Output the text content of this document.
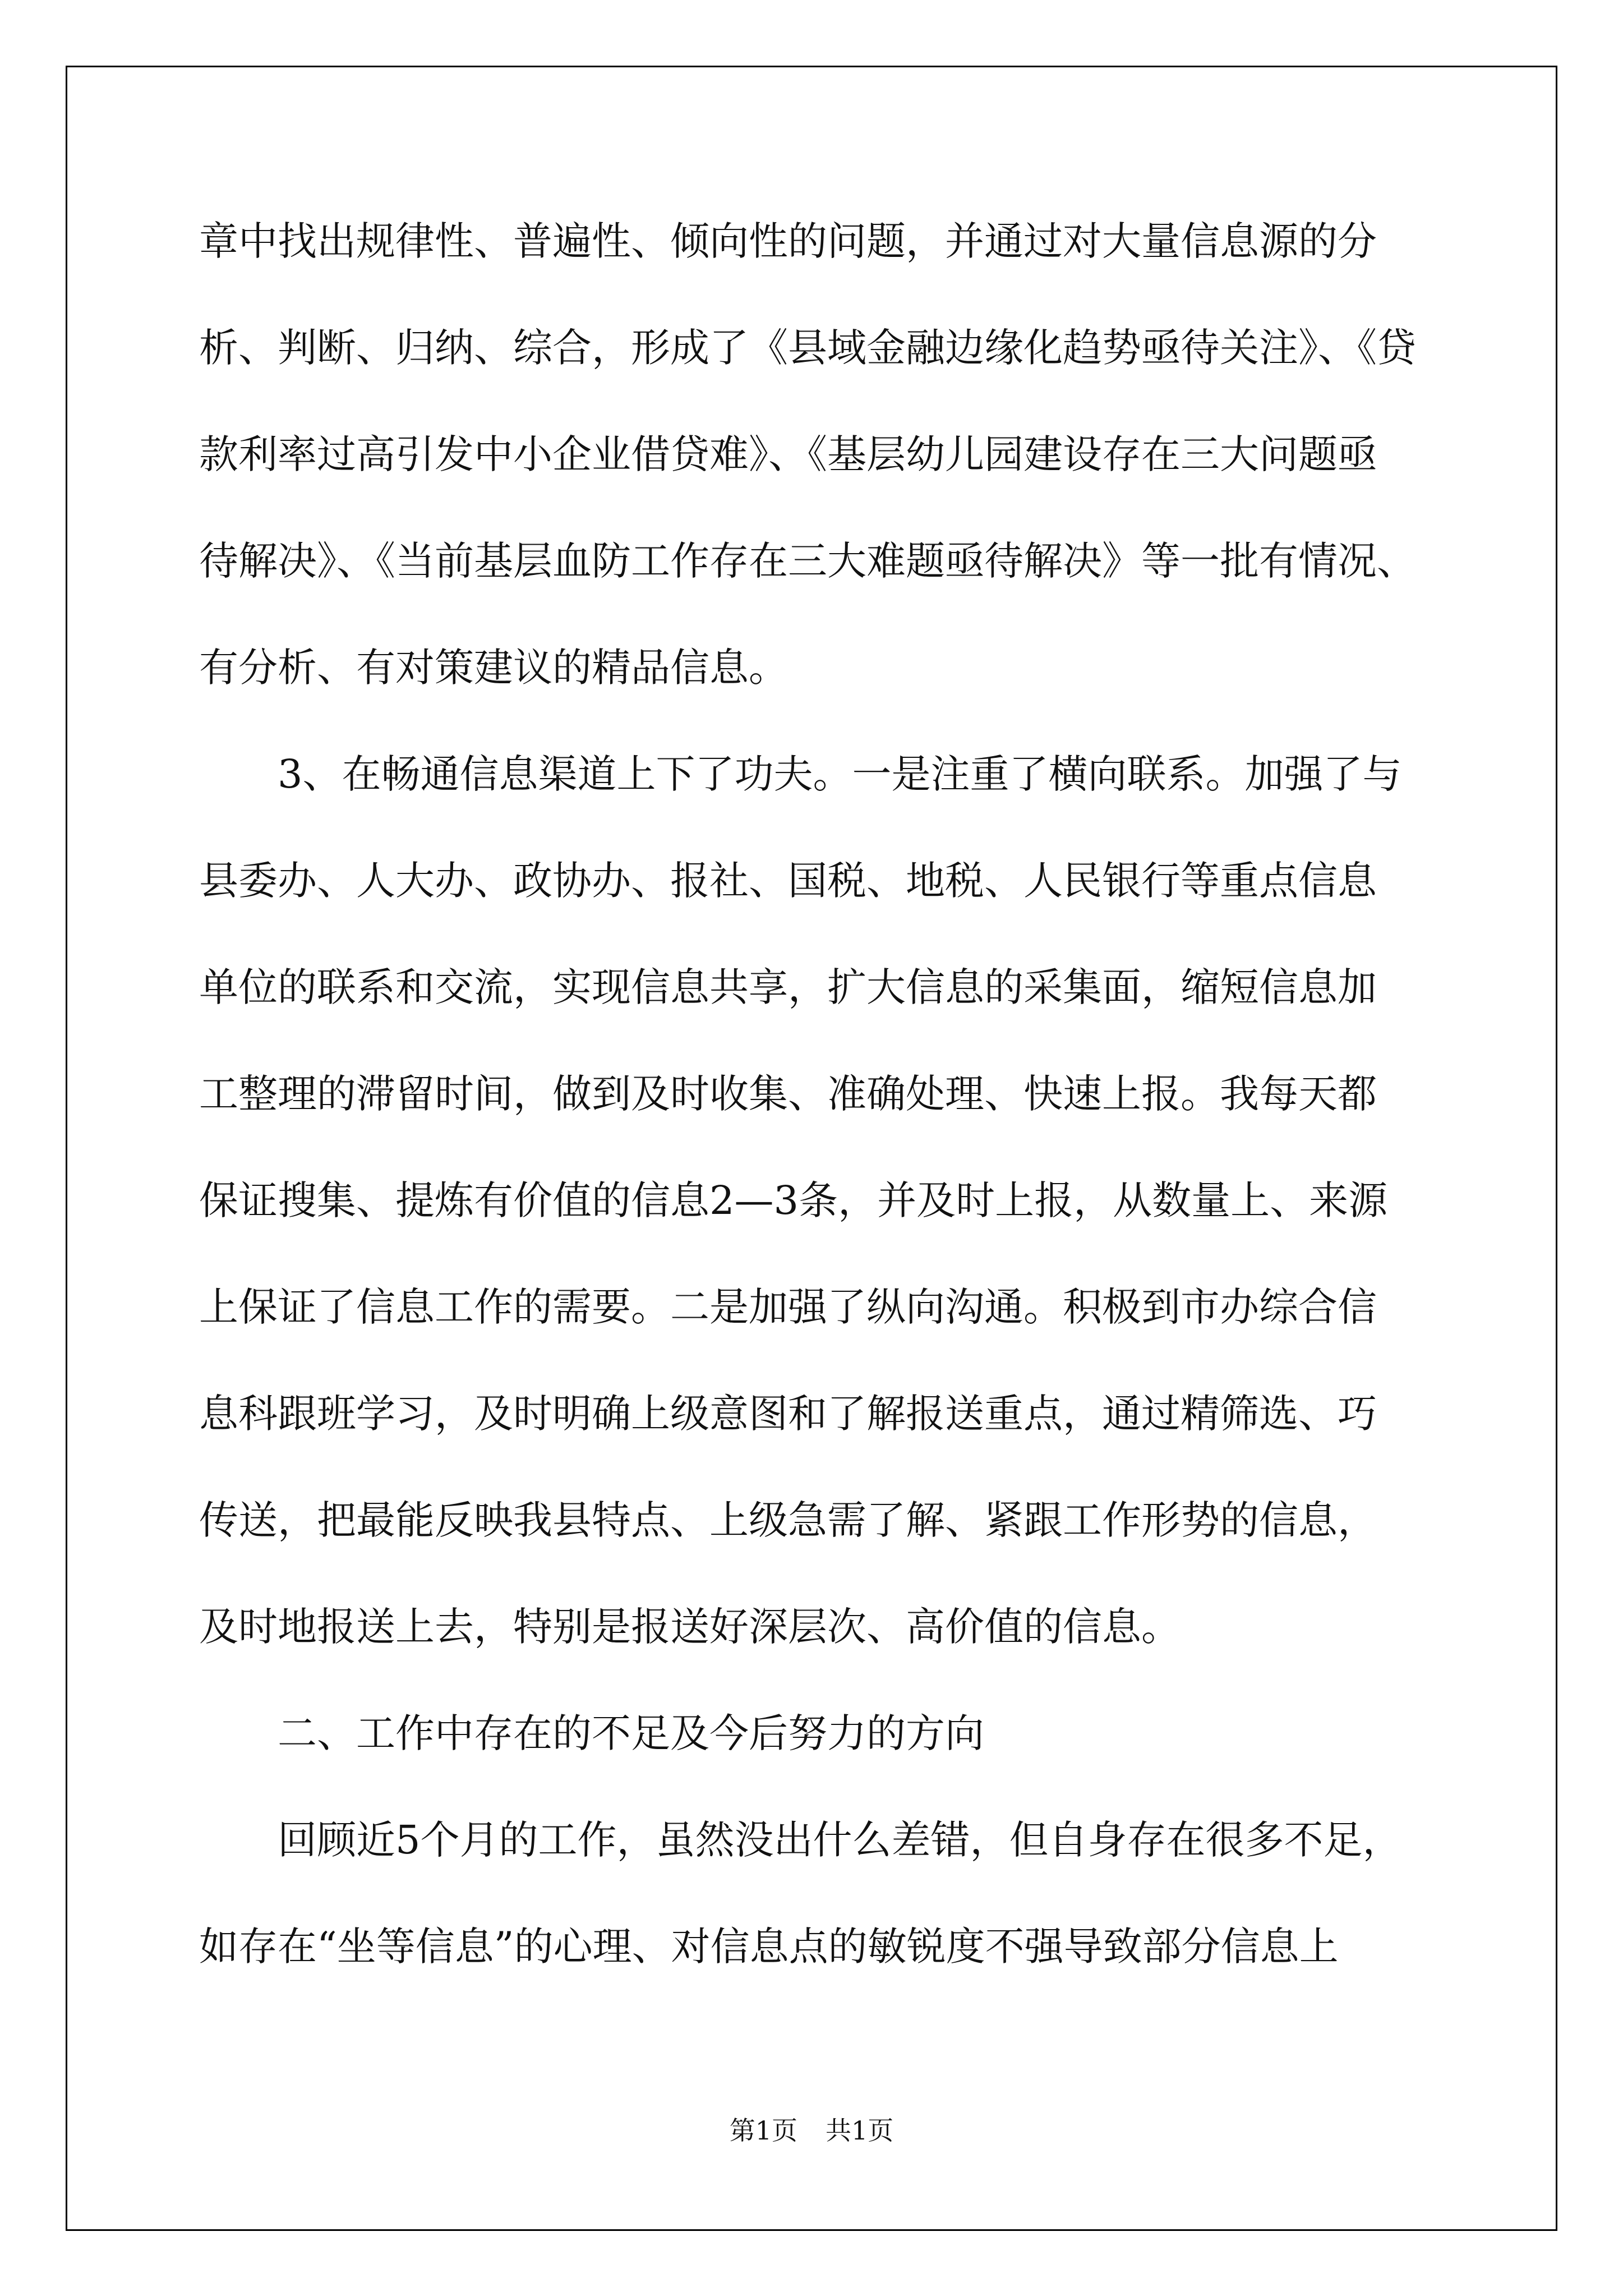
章中找出规律性、普遍性、倾向性的问题，并通过对大量信息源的分
析、判断、归纳、综合，形成了《县域金融边缘化趋势亟待关注》、《贷
款利率过高引发中小企业借贷难》、《基层幼儿园建设存在三大问题亟
待解决》、《当前基层血防工作存在三大难题亟待解决》等一批有情况、
有分析、有对策建议的精品信息。
3、在畅通信息渠道上下了功夫。一是注重了横向联系。加强了与
县委办、人大办、政协办、报社、国税、地税、人民银行等重点信息
单位的联系和交流，实现信息共享，扩大信息的采集面，缩短信息加
工整理的滞留时间，做到及时收集、准确处理、快速上报。我每天都
保证搜集、提炼有价值的信息2—3条，并及时上报，从数量上、来源
上保证了信息工作的需要。二是加强了纵向沟通。积极到市办综合信
息科跟班学习，及时明确上级意图和了解报送重点，通过精筛选、巧
传送，把最能反映我县特点、上级急需了解、紧跟工作形势的信息，
及时地报送上去，特别是报送好深层次、高价值的信息。
二、工作中存在的不足及今后努力的方向
回顾近5个月的工作，虽然没出什么差错，但自身存在很多不足，
如存在“坐等信息”的心理、对信息点的敏锐度不强导致部分信息上
第1页 共1页
